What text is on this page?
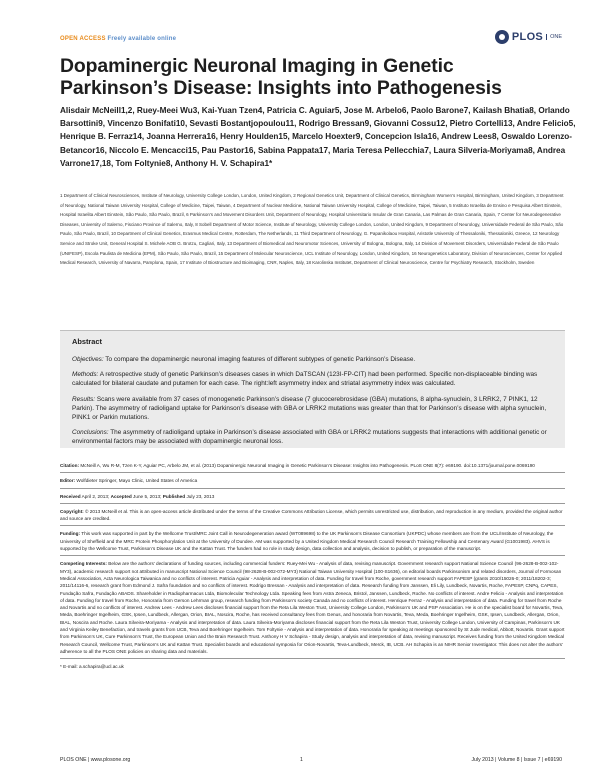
OPEN ACCESS Freely available online	PLOS	ONE
Dopaminergic Neuronal Imaging in Genetic Parkinson’s Disease: Insights into Pathogenesis

Alisdair McNeill1,2, Ruey-Meei Wu3, Kai-Yuan Tzen4, Patricia C. Aguiar5, Jose M. Arbelo6, Paolo Barone7, Kailash Bhatia8, Orlando Barsottini9, Vincenzo Bonifati10, Sevasti Bostantjopoulou11, Rodrigo Bressan9, Giovanni Cossu12, Pietro Cortelli13, Andre Felicio5, Henrique B. Ferraz14, Joanna Herrera16, Henry Houlden15, Marcelo Hoexter9, Concepcion Isla16, Andrew Lees8, Oswaldo Lorenzo-Betancor16, Niccolo E. Mencacci15, Pau Pastor16, Sabina Pappata17, Maria Teresa Pellecchia7, Laura Silveria-Moriyama8, Andrea Varrone17,18, Tom Foltynie8, Anthony H. V. Schapira1*

1 Department of Clinical Neurosciences, Institute of Neurology, University College London, London, United Kingdom, 2 Regional Genetics Unit, Department of Clinical Genetics, Birmingham Women’s Hospital, Birmingham, United Kingdom, 3 Department of Neurology, National Taiwan University Hospital, College of Medicine, Taipei, Taiwan, 4 Department of Nuclear Medicine, National Taiwan University Hospital, College of Medicine, Taipei, Taiwan, 5 Instituto Israelita de Ensino e Pesquisa Albert Einstein, Hospital Israelita Albert Einstein, São Paulo, São Paulo, Brazil, 6 Parkinson’s and Movement Disorders Unit, Department of Neurology, Hospital Universitario Insular de Gran Canaria, Las Palmas de Gran Canaria, Spain, 7 Center for Neurodegenerative Diseases, University of Salerno, Fisciano Province of Salerno, Italy, 8 Sobell Department of Motor Science, Institute of Neurology, University College London, London, United Kingdom, 9 Department of Neurology, Universidade Federal de São Paulo, São Paulo, São Paulo, Brazil, 10 Department of Clinical Genetics, Erasmus Medical Centre, Rotterdam, The Netherlands, 11 Third Department of Neurology, G. Papanikolaou Hospital, Aristotle University of Thessaloniki, Thessaloniki, Greece, 12 Neurology Service and Stroke Unit, General Hospital S. Michele AOB G. Brotzu, Cagliari, Italy, 13 Department of Biomedical and Neuromotor Sciences, University of Bologna, Bologna, Italy, 14 Division of Movement Disorders, Universidade Federal de São Paulo (UNIFESP), Escola Paulista de Medicina (EPM), São Paulo, São Paulo, Brazil, 15 Department of Molecular Neuroscience, UCL Institute of Neurology, London, United Kingdom, 16 Neurogenetics Laboratory, Division of Neurosciences, Center for Applied Medical Research, University of Navarra, Pamplona, Spain, 17 Institute of Biostructure and Bioimaging, CNR, Naples, Italy, 18 Karolinska Institutet, Department of Clinical Neuroscience, Centre for Psychiatry Research, Stockholm, Sweden

Abstract

Objectives: To compare the dopaminergic neuronal imaging features of different subtypes of genetic Parkinson’s Disease.

Methods: A retrospective study of genetic Parkinson’s diseases cases in which DaTSCAN (123I-FP-CIT) had been performed. Specific non-displaceable binding was calculated for bilateral caudate and putamen for each case. The right:left asymmetry index and striatal asymmetry index was calculated.

Results: Scans were available from 37 cases of monogenetic Parkinson’s disease (7 glucocerebrosidase (GBA) mutations, 8 alpha-synuclein, 3 LRRK2, 7 PINK1, 12 Parkin). The asymmetry of radioligand uptake for Parkinson’s disease with GBA or LRRK2 mutations was greater than that for Parkinson’s disease with alpha synuclein, PINK1 or Parkin mutations.

Conclusions: The asymmetry of radioligand uptake in Parkinson’s disease associated with GBA or LRRK2 mutations suggests that interactions with additional genetic or environmental factors may be associated with dopaminergic neuronal loss.

Citation: McNeill A, Wu R-M, Tzen K-Y, Aguiar PC, Arbelo JM, et al. (2013) Dopaminergic Neuronal Imaging in Genetic Parkinson’s Disease: Insights into Pathogenesis. PLoS ONE 8(7): e69190. doi:10.1371/journal.pone.0069190

Editor: Wolfdieter Springer, Mayo Clinic, United States of America

Received April 2, 2013; Accepted June 5, 2013; Published July 23, 2013

Copyright: © 2013 McNeill et al. This is an open-access article distributed under the terms of the Creative Commons Attribution License, which permits unrestricted use, distribution, and reproduction in any medium, provided the original author and source are credited.

Funding: This work was supported in part by the Wellcome Trust/MRC Joint Call in Neurodegeneration award (WT089698) to the UK Parkinson’s Disease Consortium (UKPDC) whose members are from the UCL/Institute of Neurology, the University of Sheffield and the MRC Protein Phosphorylation Unit at the University of Dundee. AM was supported by a United Kingdom Medical Research Council Research Training Fellowship and Centenary Award (G1001983). AHVS is supported by the Wellcome Trust, Parkinson’s Disease UK and the Kattan Trust. The funders had no role in study design, data collection and analysis, decision to publish, or preparation of the manuscript.

Competing Interests: Below are the authors’ declarations of funding sources, including commercial funders: Ruey-Mei Wu - Analysis of data, revising manuscript. Government research support National Science Council (96-2628-B-002-102-MY3), academic research support not attributed in manuscript National Science Council (98-2628-B-002-072-MY3) National Taiwan University Hospital (100-S1636), on editorial boards Parkinsonism and related disorders, Journal of Formosan Medical Association, Acta Neurologica Taiwanica and no conflicts of interest. Patricia Aguiar - Analysis and interpretation of data. Funding for travel from Roche, government research support FAPESP (grants 2010/15026-0; 2011/18202-3; 2011/14116-6, research grant from Edmond J. Safra foundation and no conflicts of interest. Rodrigo Bressan - Analysis and interpretation of data. Research funding from Janssen, Eli Lily, Lundbeck, Novartis, Roche, FAPESP, CNPq, CAPES, Fundação Safra, Fundação ABADS. Shareholder in Radiopharmacus Ltda, Biomolecular Technology Ltda. Speaking fees from Astra Zeneca, Bristol, Janssen, Lundbeck, Roche. No conflicts of interest. Andre Felicio - Analysis and interpretation of data. Funding for travel from Roche, Honoraria from Gerson Lehrman group, research funding from Parkinson’s society Canada and no conflicts of interest. Henrique Ferraz - Analysis and interpretation of data. Funding for travel from Roche and Novartis and no conflicts of interest. Andrew Lees - Andrew Lees discloses financial support from the Reta Lila Weston Trust, University College London, Parkinson’s UK and PSP Association. He is on the specialist board for Novartis, Teva, Meda, Boehringer Ingelheim, GSK, Ipsen, Lundbeck, Allergan, Orion, BIAL, Noscira, Roche, has received consultancy fees from Genus, and honoraria from Novartis, Teva, Meda, Boehringer Ingelheim, GSK, Ipsen, Lundbeck, Allergan, Orion, BIAL, Noscira and Roche. Laura Silveira-Moriyama - Analysis and interpretation of data. Laura Silveira-Moriyama discloses financial support from the Reta Lila Weston Trust, University College London, University of Campinas, Parkinson’s UK and Virginia Keiley Benefaction, and travels grants from UCB, Teva and Boehringer Ingelheim. Tom Foltynie - Analysis and interpretation of data. Honoraria for speaking at meetings sponsored by St Jude medical, Abbott, Novartis. Grant support from Parkinson’s UK, Cure Parkinson’s Trust, the European Union and the Brain Research Trust. Anthony H V Schapira - Study design, analysis and interpretation of data, revising manuscript. Receives funding from the United Kingdom Medical Research Council, Wellcome Trust, Parkinson’s UK and Kattan Trust. Specialist boards and educational symposia for Orion-Novartis, Teva-Lundbeck, Merck, IB, UCB. AH Schapira is an NIHR Senior Investigator. This does not alter the authors’ adherence to all the PLOS ONE policies on sharing data and materials.

* E-mail: a.schapira@ucl.ac.uk

PLOS ONE | www.plosone.org	1	July 2013 | Volume 8 | Issue 7 | e69190
